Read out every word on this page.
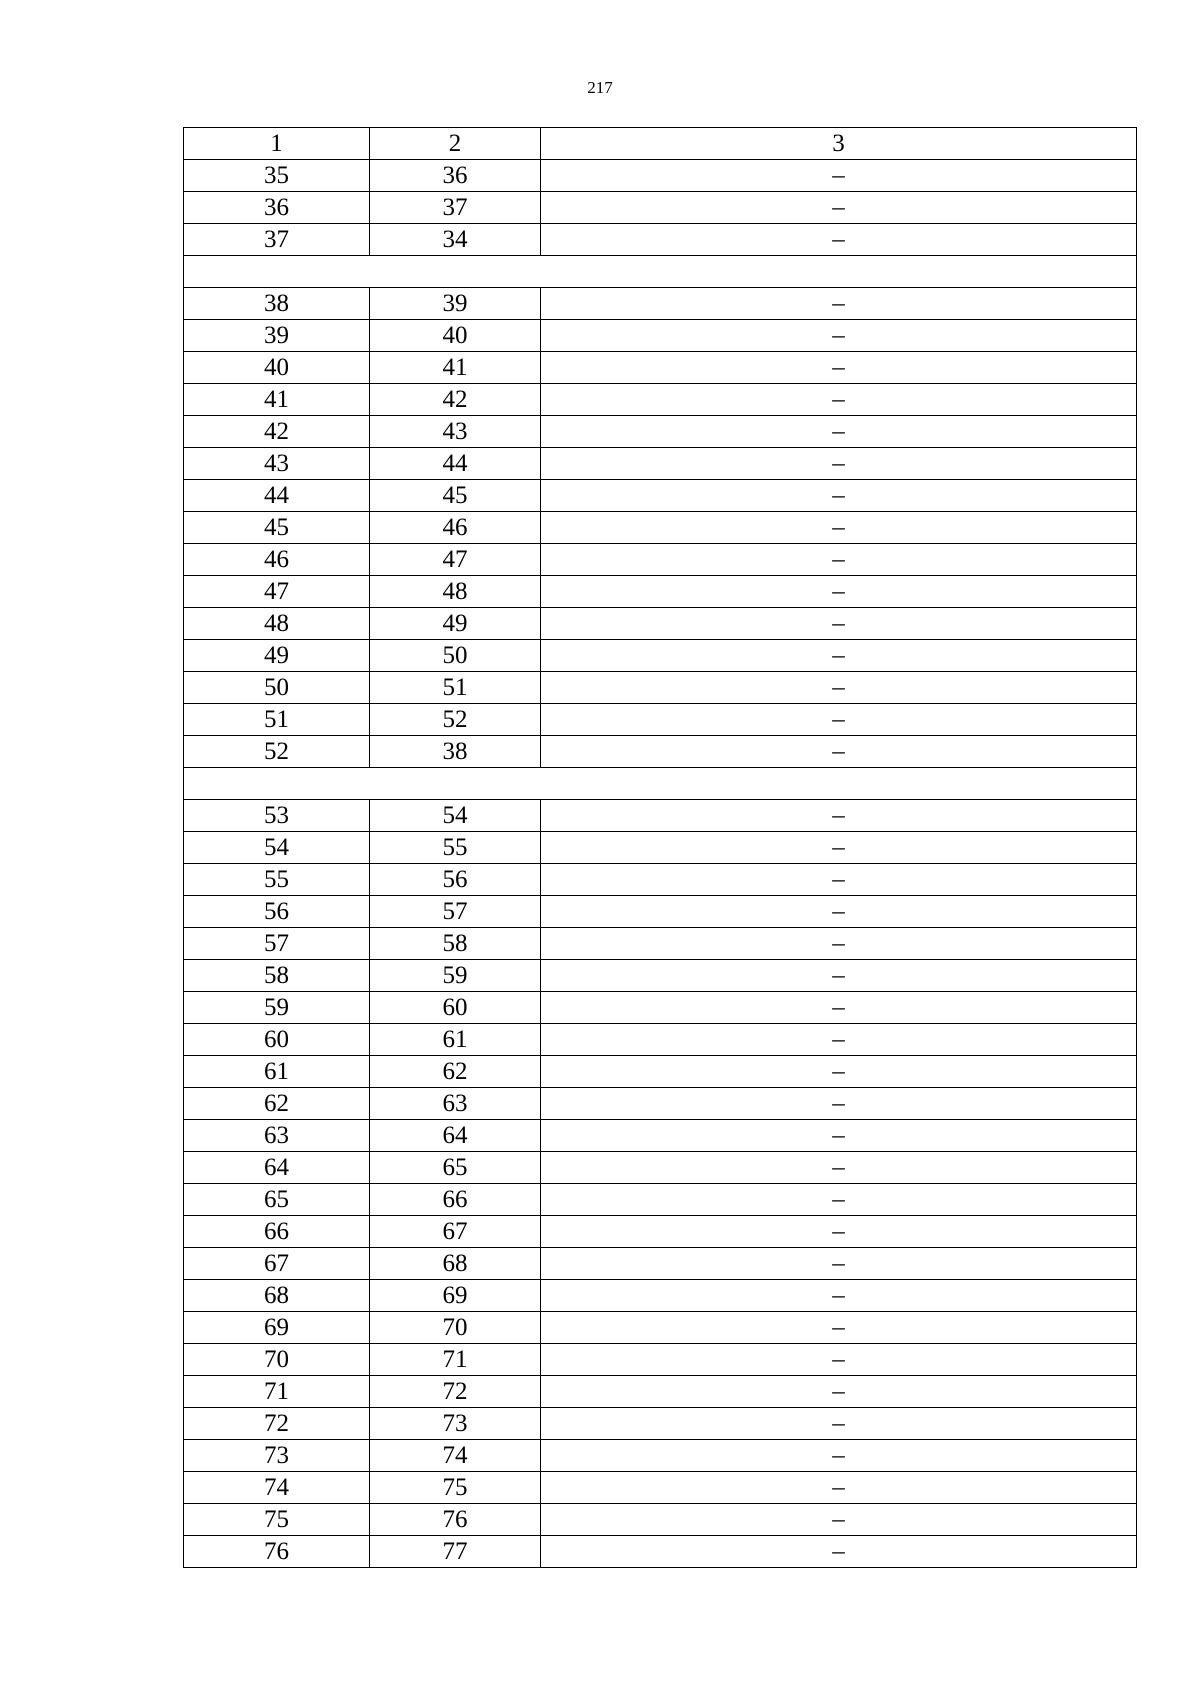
217
1	2	3
35	36	–
36	37	–
37	34	–

38	39	–
39	40	–
40	41	–
41	42	–
42	43	–
43	44	–
44	45	–
45	46	–
46	47	–
47	48	–
48	49	–
49	50	–
50	51	–
51	52	–
52	38	–

53	54	–
54	55	–
55	56	–
56	57	–
57	58	–
58	59	–
59	60	–
60	61	–
61	62	–
62	63	–
63	64	–
64	65	–
65	66	–
66	67	–
67	68	–
68	69	–
69	70	–
70	71	–
71	72	–
72	73	–
73	74	–
74	75	–
75	76	–
76	77	–
